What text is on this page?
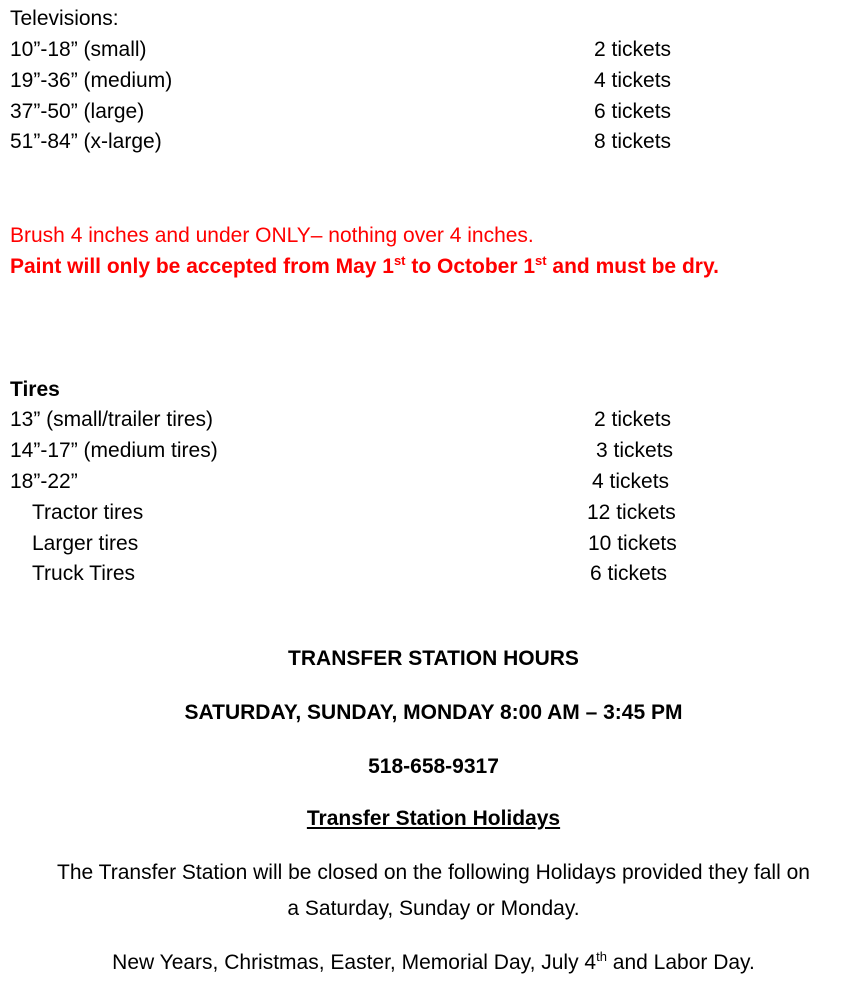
Televisions:
10”-18” (small)	2 tickets
19”-36” (medium)	4 tickets
37”-50” (large)	6 tickets
51”-84” (x-large)	8 tickets
Brush 4 inches and under ONLY– nothing over 4 inches.
Paint will only be accepted from May 1st to October 1st and must be dry.
Tires
13” (small/trailer tires)	2 tickets
14”-17” (medium tires)	3 tickets
18”-22”	4 tickets
Tractor tires	12 tickets
Larger tires	10 tickets
Truck Tires	6 tickets
TRANSFER STATION HOURS
SATURDAY, SUNDAY, MONDAY 8:00 AM – 3:45 PM
518-658-9317
Transfer Station Holidays
The Transfer Station will be closed on the following Holidays provided they fall on
a Saturday, Sunday or Monday.
New Years, Christmas, Easter, Memorial Day, July 4th and Labor Day.
